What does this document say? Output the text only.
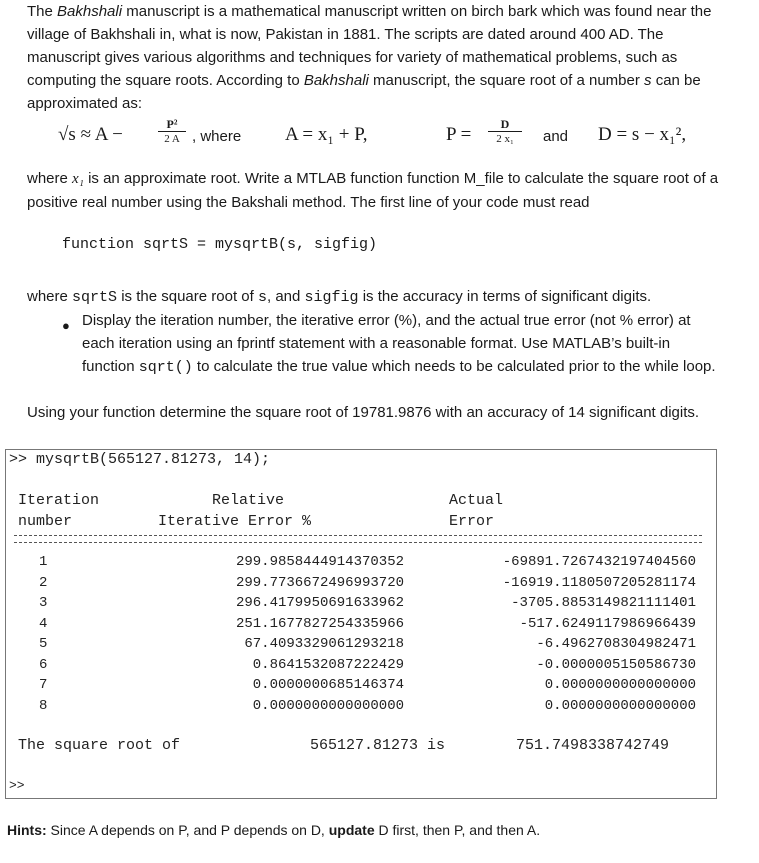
The Bakhshali manuscript is a mathematical manuscript written on birch bark which was found near the village of Bakhshali in, what is now, Pakistan in 1881. The scripts are dated around 400 AD. The manuscript gives various algorithms and techniques for variety of mathematical problems, such as computing the square roots. According to Bakhshali manuscript, the square root of a number s can be approximated as:
√s ≈ A −	$\frac{\text{P²}}{2 A}$ , where A = x₁ + P,	$P = \frac{D}{\text{2 x₁}}$ and D = s − x₁²,
where x₁ is an approximate root. Write a MTLAB function function M_file to calculate the square root of a positive real number using the Bakshali method. The first line of your code must read
function sqrtS = mysqrtB(s, sigfig)
where sqrtS is the square root of s, and sigfig is the accuracy in terms of significant digits.
● Display the iteration number, the iterative error (%), and the actual true error (not % error) at each iteration using an fprintf statement with a reasonable format. Use MATLAB’s built-in function sqrt() to calculate the true value which needs to be calculated prior to the while loop.
Using your function determine the square root of 19781.9876 with an accuracy of 14 significant digits.
>> mysqrtB(565127.81273, 14);
Iteration	Relative	Actual
number	Iterative Error %	Error
1	299.9858444914370352	-69891.7267432197404560
2	299.7736672496993720	-16919.1180507205281174
3	296.4179950691633962	-3705.8853149821111401
4	251.1677827254335966	-517.6249117986966439
5	67.4093329061293218	-6.4962708304982471
6	0.8641532087222429	-0.0000005150586730
7	0.0000000685146374	0.0000000000000000
8	0.0000000000000000	0.0000000000000000
The square root of	565127.81273 is	751.7498338742749
>>
Hints: Since A depends on P, and P depends on D, update D first, then P, and then A.
